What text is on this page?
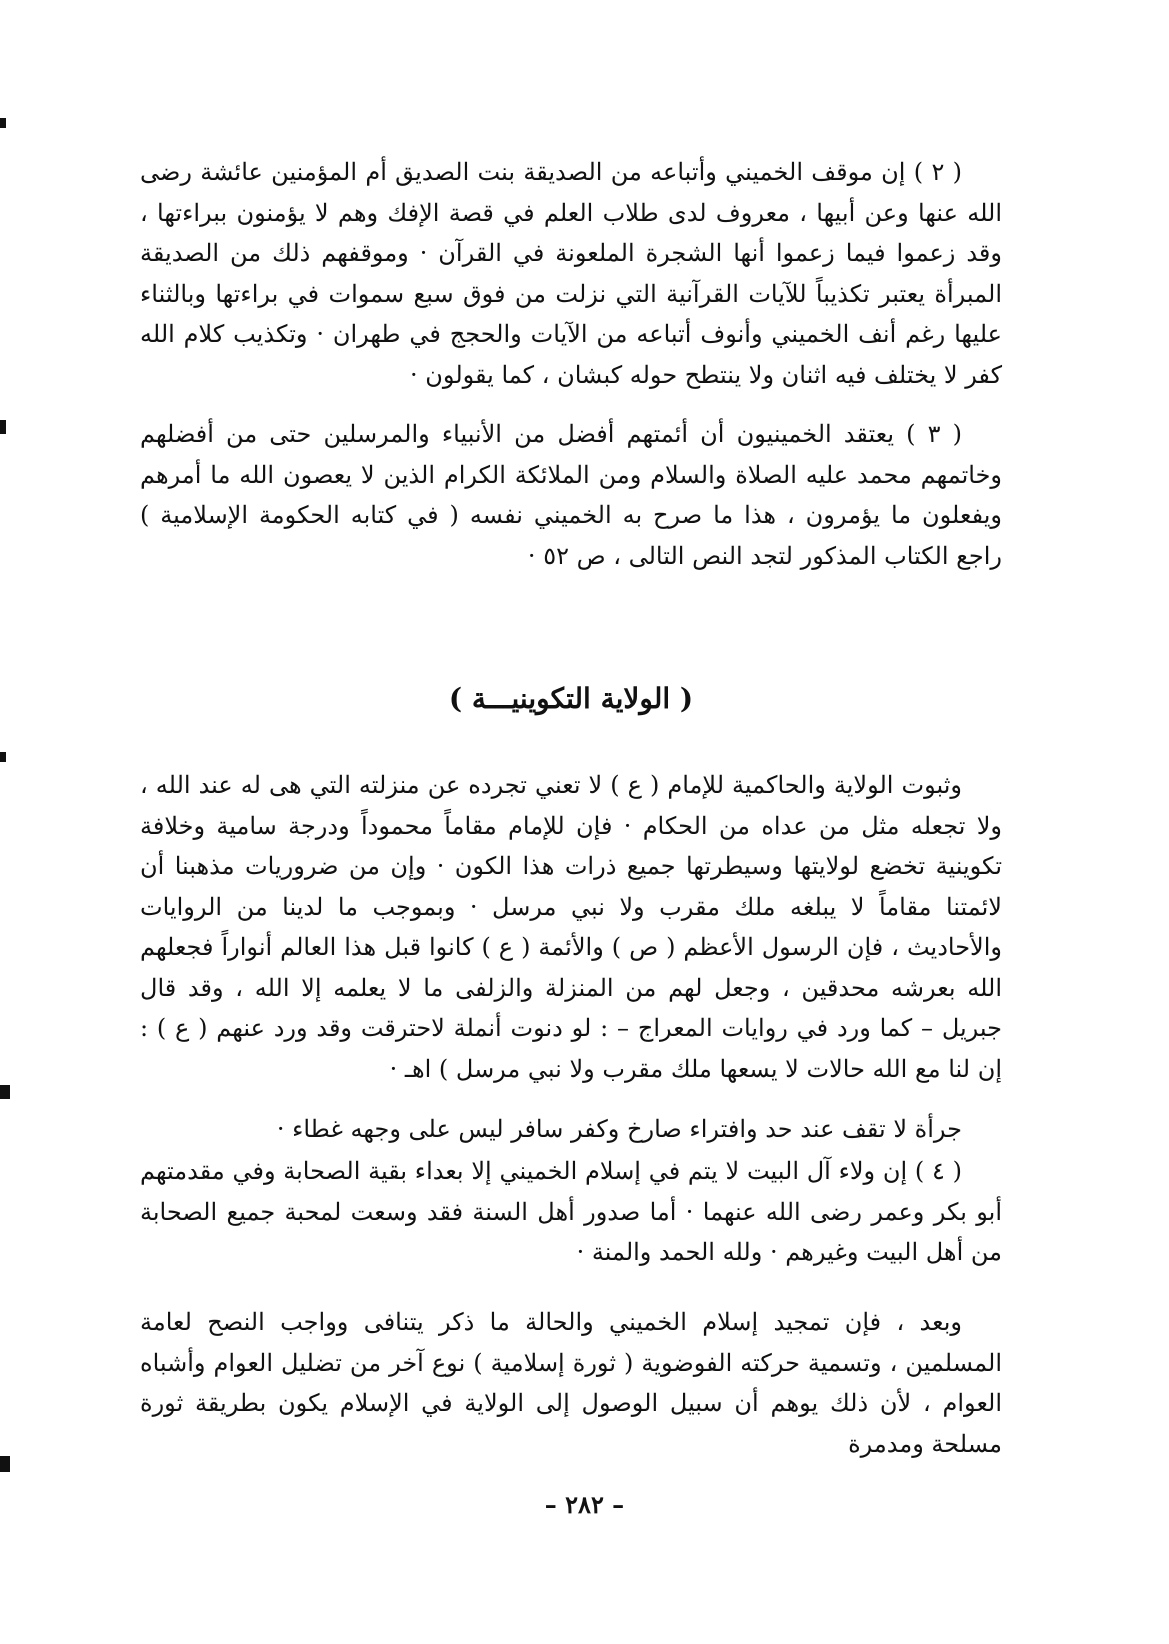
( ٢ ) إن موقف الخميني وأتباعه من الصديقة بنت الصديق أم المؤمنين عائشة رضى الله عنها وعن أبيها ، معروف لدى طلاب العلم في قصة الإفك وهم لا يؤمنون ببراءتها ، وقد زعموا فيما زعموا أنها الشجرة الملعونة في القرآن · وموقفهم ذلك من الصديقة المبرأة يعتبر تكذيباً للآيات القرآنية التي نزلت من فوق سبع سموات في براءتها وبالثناء عليها رغم أنف الخميني وأنوف أتباعه من الآيات والحجج في طهران · وتكذيب كلام الله كفر لا يختلف فيه اثنان ولا ينتطح حوله كبشان ، كما يقولون ·

( ٣ ) يعتقد الخمينيون أن أئمتهم أفضل من الأنبياء والمرسلين حتى من أفضلهم وخاتمهم محمد عليه الصلاة والسلام ومن الملائكة الكرام الذين لا يعصون الله ما أمرهم ويفعلون ما يؤمرون ، هذا ما صرح به الخميني نفسه ( في كتابه الحكومة الإسلامية ) راجع الكتاب المذكور لتجد النص التالى ، ص ٥٢ ·

( الولاية التكوينيـــة )

وثبوت الولاية والحاكمية للإمام ( ع ) لا تعني تجرده عن منزلته التي هى له عند الله ، ولا تجعله مثل من عداه من الحكام · فإن للإمام مقاماً محموداً ودرجة سامية وخلافة تكوينية تخضع لولايتها وسيطرتها جميع ذرات هذا الكون · وإن من ضروريات مذهبنا أن لائمتنا مقاماً لا يبلغه ملك مقرب ولا نبي مرسل · وبموجب ما لدينا من الروايات والأحاديث ، فإن الرسول الأعظم ( ص ) والأئمة ( ع ) كانوا قبل هذا العالم أنواراً فجعلهم الله بعرشه محدقين ، وجعل لهم من المنزلة والزلفى ما لا يعلمه إلا الله ، وقد قال جبريل – كما ورد في روايات المعراج – : لو دنوت أنملة لاحترقت وقد ورد عنهم ( ع ) : إن لنا مع الله حالات لا يسعها ملك مقرب ولا نبي مرسل ) اهـ ·

جرأة لا تقف عند حد وافتراء صارخ وكفر سافر ليس على وجهه غطاء ·

( ٤ ) إن ولاء آل البيت لا يتم في إسلام الخميني إلا بعداء بقية الصحابة وفي مقدمتهم أبو بكر وعمر رضى الله عنهما · أما صدور أهل السنة فقد وسعت لمحبة جميع الصحابة من أهل البيت وغيرهم · ولله الحمد والمنة ·

وبعد ، فإن تمجيد إسلام الخميني والحالة ما ذكر يتنافى وواجب النصح لعامة المسلمين ، وتسمية حركته الفوضوية ( ثورة إسلامية ) نوع آخر من تضليل العوام وأشباه العوام ، لأن ذلك يوهم أن سبيل الوصول إلى الولاية في الإسلام يكون بطريقة ثورة مسلحة ومدمرة

– ٢٨٢ –
